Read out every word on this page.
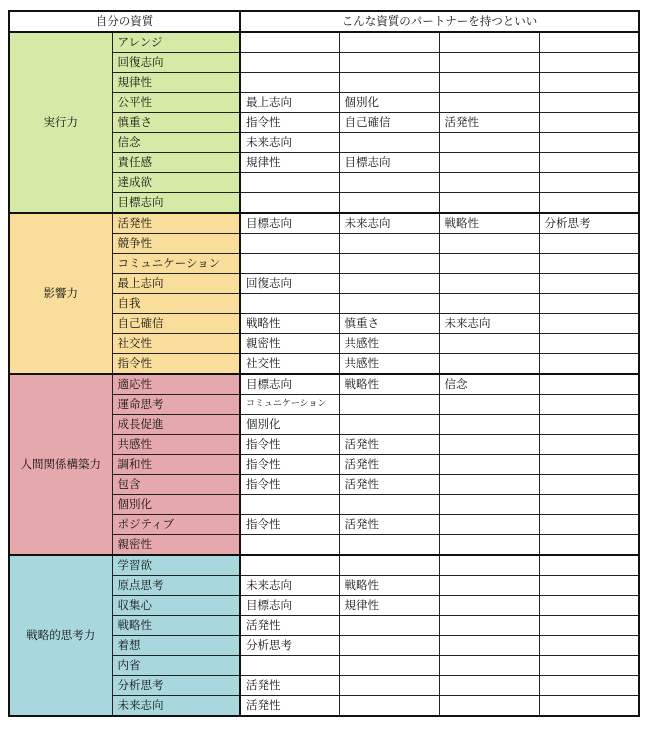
自分の資質		こんな資質のパートナーを持つといい			
実行力	アレンジ				
	回復志向				
	規律性				
	公平性	最上志向	個別化		
	慎重さ	指令性	自己確信	活発性	
	信念	未来志向			
	責任感	規律性	目標志向		
	達成欲				
	目標志向				
影響力	活発性	目標志向	未来志向	戦略性	分析思考
	競争性				
	コミュニケーション				
	最上志向	回復志向			
	自我				
	自己確信	戦略性	慎重さ	未来志向	
	社交性	親密性	共感性		
	指令性	社交性	共感性		
人間関係構築力	適応性	目標志向	戦略性	信念	
	運命思考	コミュニケーション			
	成長促進	個別化			
	共感性	指令性	活発性		
	調和性	指令性	活発性		
	包含	指令性	活発性		
	個別化				
	ポジティブ	指令性	活発性		
	親密性				
戦略的思考力	学習欲				
	原点思考	未来志向	戦略性		
	収集心	目標志向	規律性		
	戦略性	活発性			
	着想	分析思考			
	内省				
	分析思考	活発性			
	未来志向	活発性			
